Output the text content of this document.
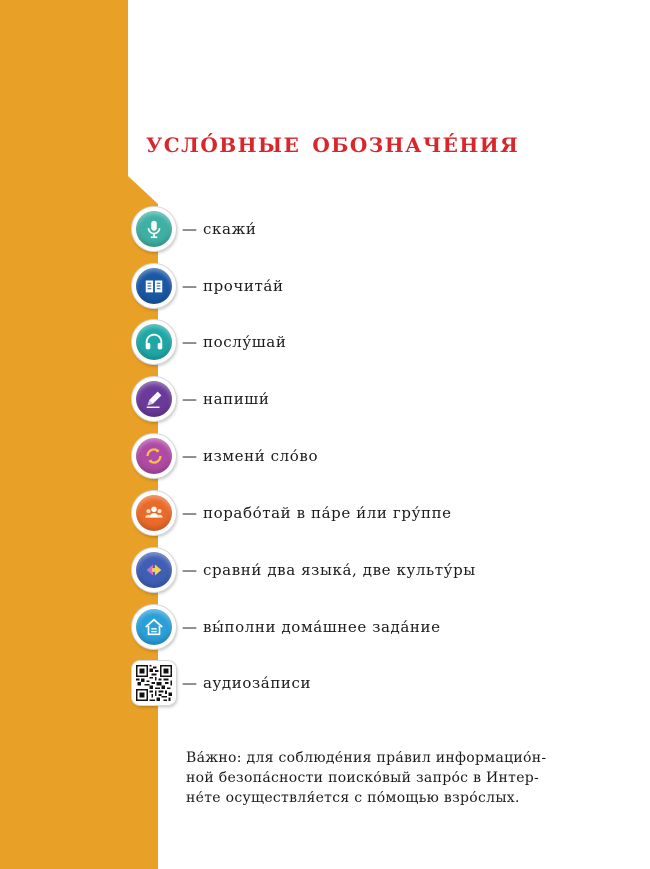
УСЛО́ВНЫЕ ОБОЗНАЧЕ́НИЯ
— скажи́
— прочита́й
— послу́шай
— напиши́
— измени́ сло́во
— порабо́тай в па́ре и́ли гру́ппе
— сравни́ два языка́, две культу́ры
— вы́полни дома́шнее зада́ние
— аудиоза́писи
Ва́жно: для соблюде́ния пра́вил информацио́н-
ной безопа́сности поиско́вый запро́с в Интер-
не́те осуществля́ется с по́мощью взро́слых.
